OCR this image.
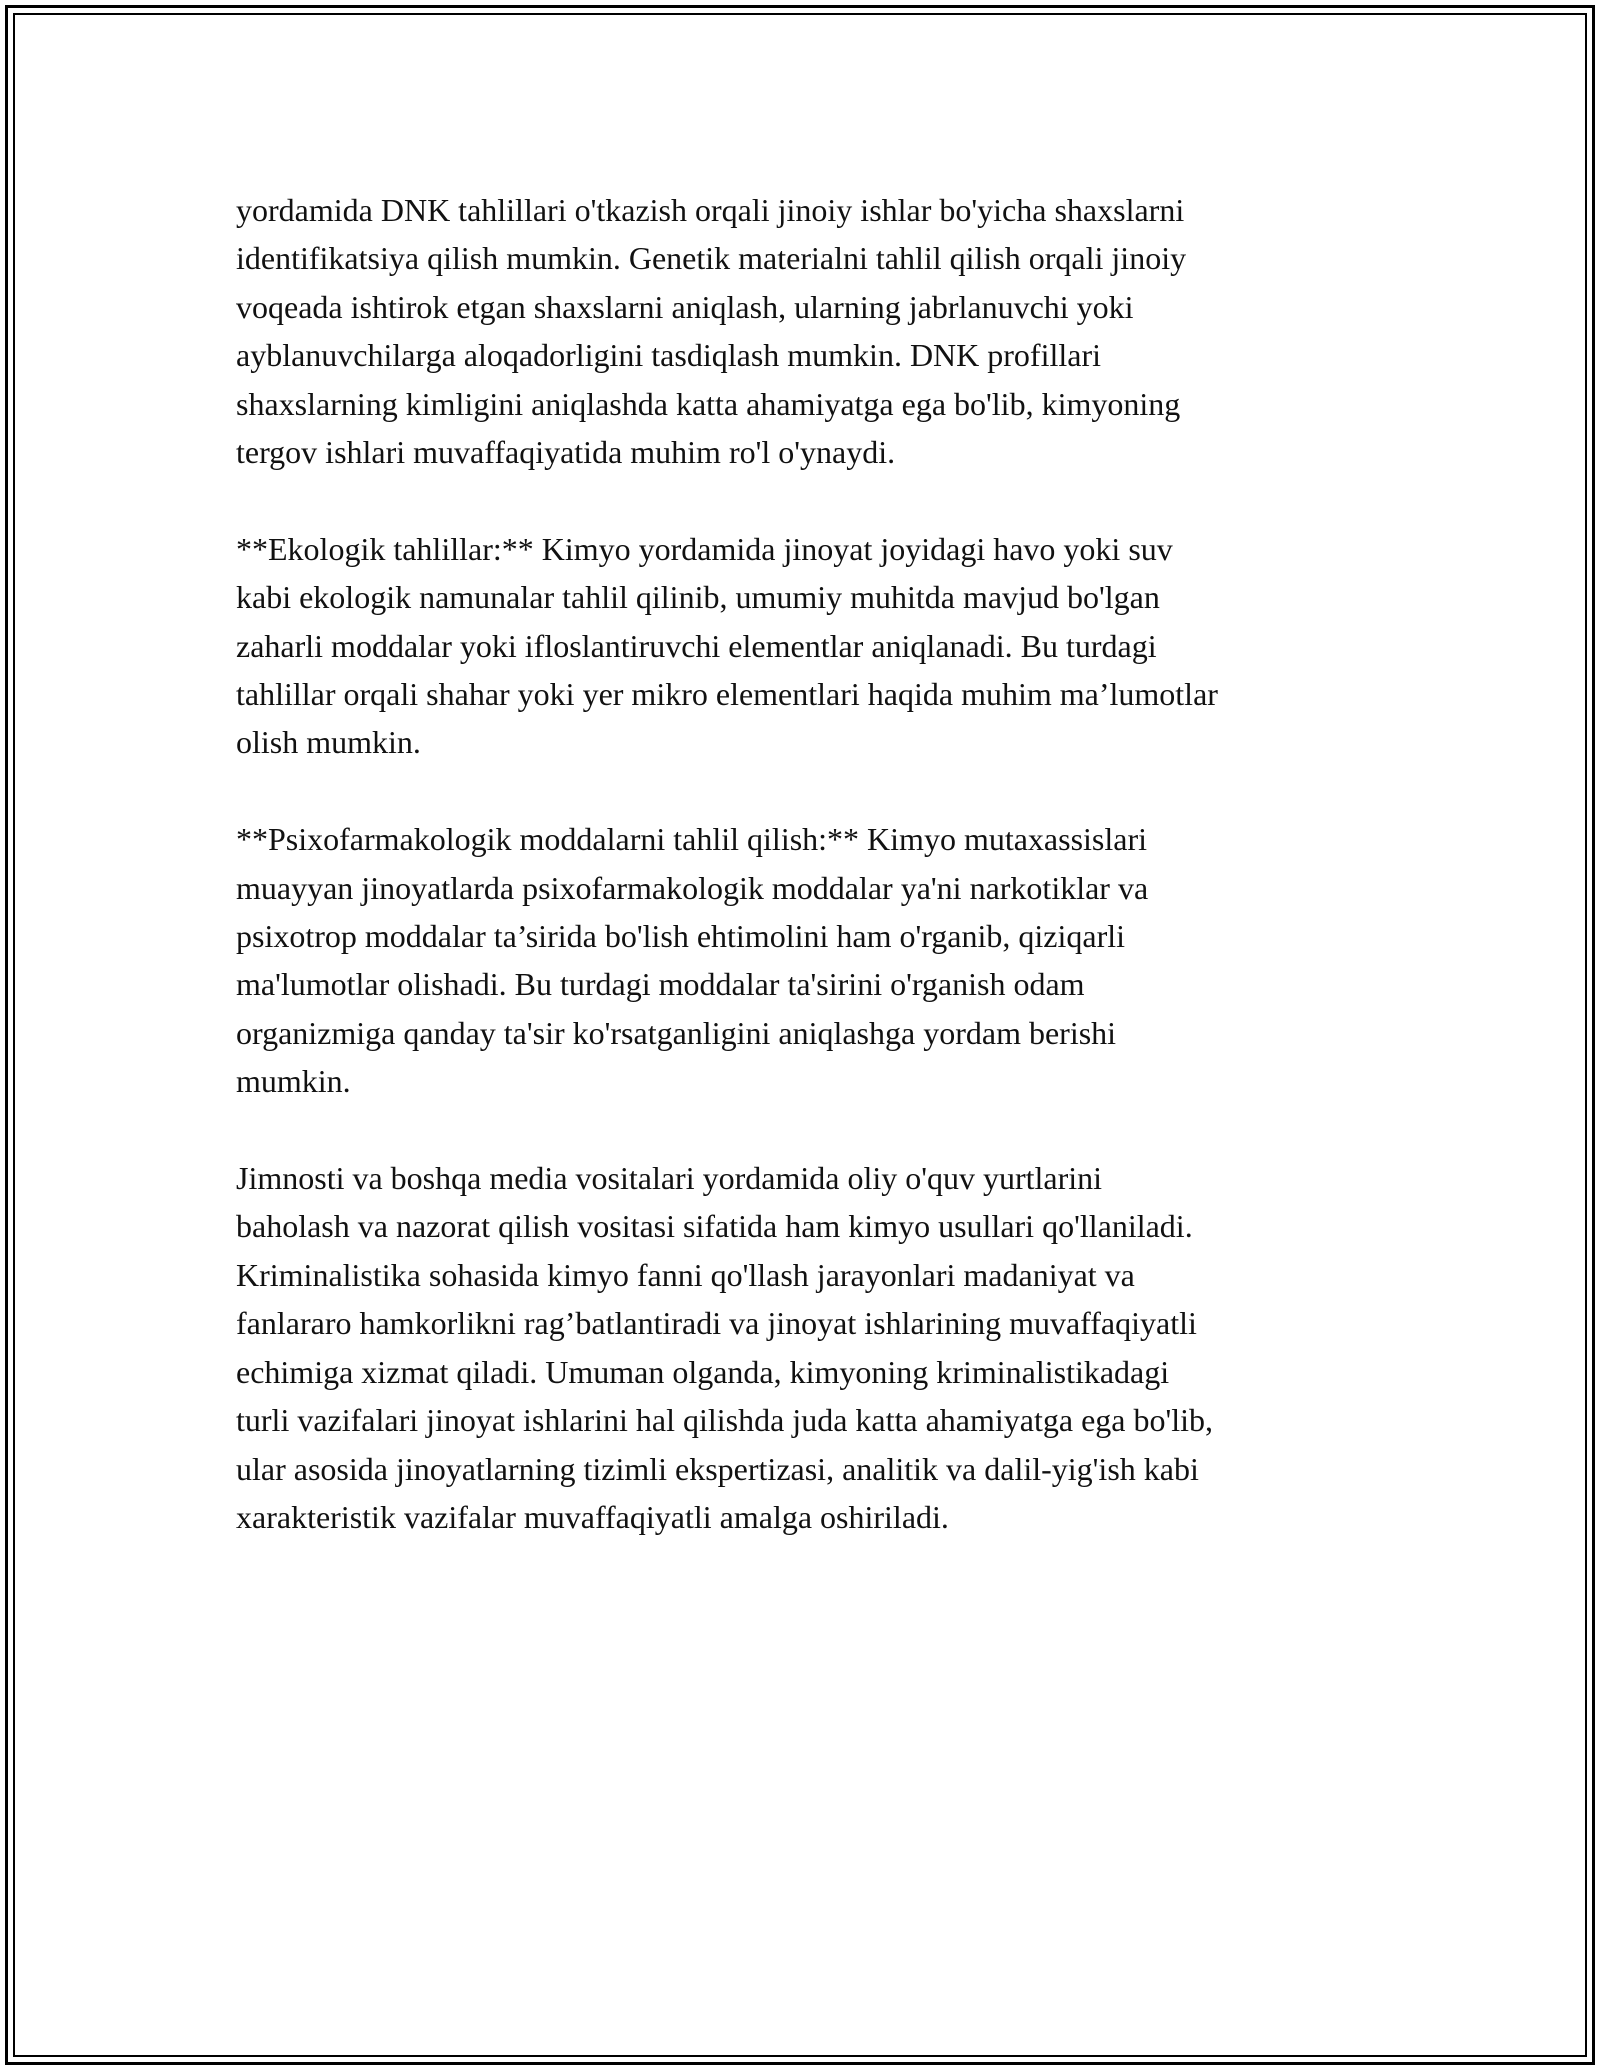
yordamida DNK tahlillari o'tkazish orqali jinoiy ishlar bo'yicha shaxslarni
identifikatsiya qilish mumkin. Genetik materialni tahlil qilish orqali jinoiy
voqeada ishtirok etgan shaxslarni aniqlash, ularning jabrlanuvchi yoki
ayblanuvchilarga aloqadorligini tasdiqlash mumkin. DNK profillari
shaxslarning kimligini aniqlashda katta ahamiyatga ega bo'lib, kimyoning
tergov ishlari muvaffaqiyatida muhim ro'l o'ynaydi.

**Ekologik tahlillar:** Kimyo yordamida jinoyat joyidagi havo yoki suv
kabi ekologik namunalar tahlil qilinib, umumiy muhitda mavjud bo'lgan
zaharli moddalar yoki ifloslantiruvchi elementlar aniqlanadi. Bu turdagi
tahlillar orqali shahar yoki yer mikro elementlari haqida muhim ma’lumotlar
olish mumkin.

**Psixofarmakologik moddalarni tahlil qilish:** Kimyo mutaxassislari
muayyan jinoyatlarda psixofarmakologik moddalar ya'ni narkotiklar va
psixotrop moddalar ta’sirida bo'lish ehtimolini ham o'rganib, qiziqarli
ma'lumotlar olishadi. Bu turdagi moddalar ta'sirini o'rganish odam
organizmiga qanday ta'sir ko'rsatganligini aniqlashga yordam berishi
mumkin.

Jimnosti va boshqa media vositalari yordamida oliy o'quv yurtlarini
baholash va nazorat qilish vositasi sifatida ham kimyo usullari qo'llaniladi.
Kriminalistika sohasida kimyo fanni qo'llash jarayonlari madaniyat va
fanlararo hamkorlikni rag’batlantiradi va jinoyat ishlarining muvaffaqiyatli
echimiga xizmat qiladi. Umuman olganda, kimyoning kriminalistikadagi
turli vazifalari jinoyat ishlarini hal qilishda juda katta ahamiyatga ega bo'lib,
ular asosida jinoyatlarning tizimli ekspertizasi, analitik va dalil-yig'ish kabi
xarakteristik vazifalar muvaffaqiyatli amalga oshiriladi.
